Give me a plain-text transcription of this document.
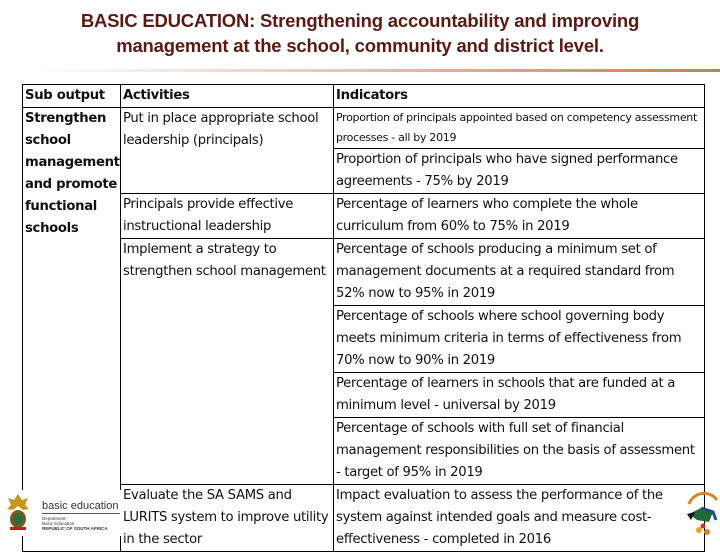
BASIC EDUCATION: Strengthening accountability and improving
management at the school, community and district level.
Sub output	Activities	Indicators
Strengthen school management and promote functional schools	Put in place appropriate school leadership (principals)	Proportion of principals appointed based on competency assessment processes - all by 2019
		Proportion of principals who have signed performance agreements - 75% by 2019
	Principals provide effective instructional leadership	Percentage of learners who complete the whole curriculum from 60% to 75% in 2019
	Implement a strategy to strengthen school management	Percentage of schools producing a minimum set of management documents at a required standard from 52% now to 95% in 2019
		Percentage of schools where school governing body meets minimum criteria in terms of effectiveness from 70% now to 90% in 2019
		Percentage of learners in schools that are funded at a minimum level - universal by 2019
		Percentage of schools with full set of financial management responsibilities on the basis of assessment - target of 95% in 2019
	Evaluate the SA SAMS and LURITS system to improve utility in the sector	Impact evaluation to assess the performance of the system against intended goals and measure cost-effectiveness - completed in 2016
basic education
Department:
Basic Education
REPUBLIC OF SOUTH AFRICA
